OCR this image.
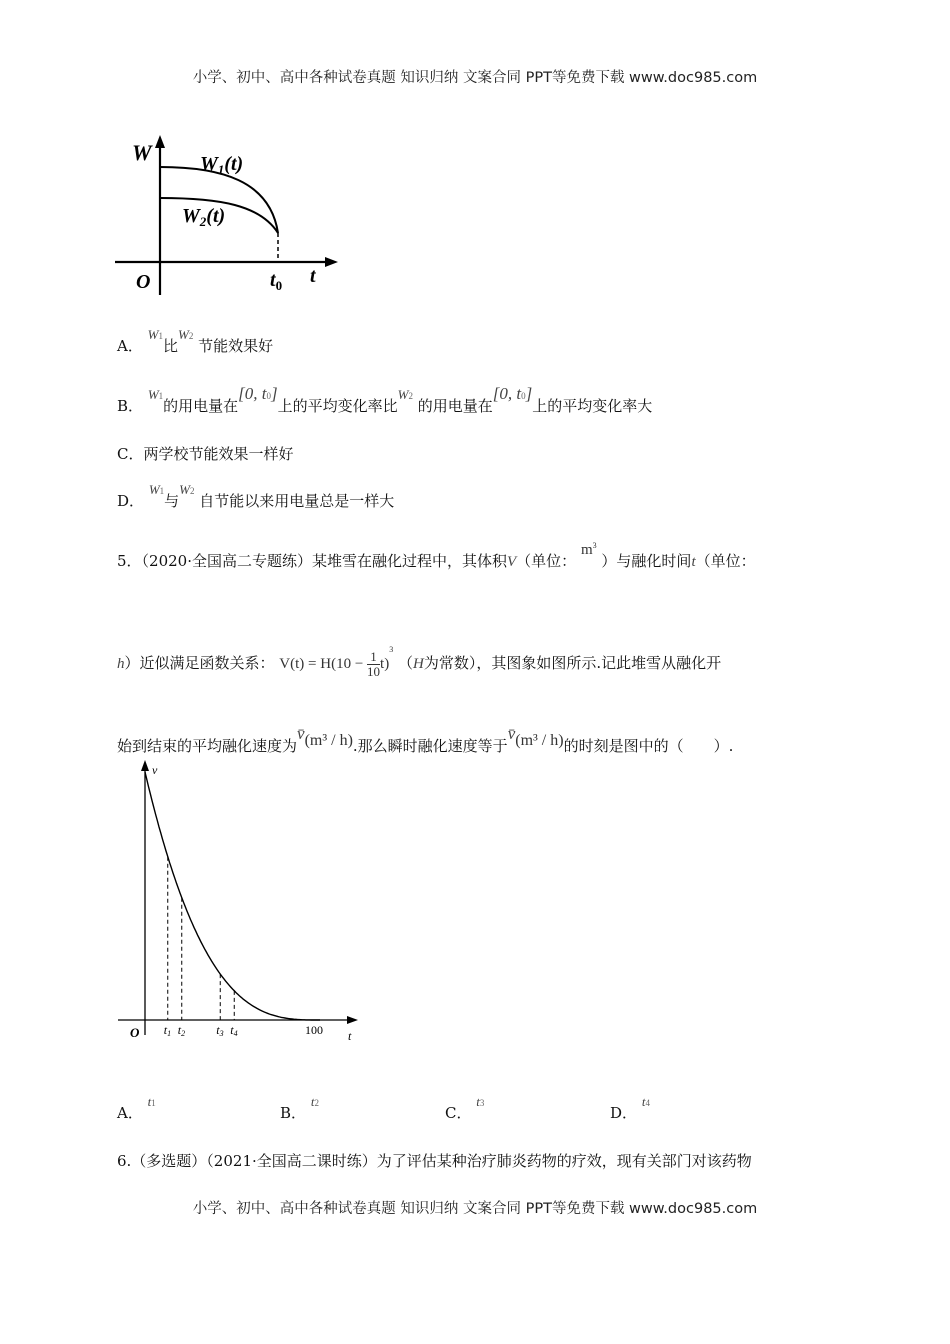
小学、初中、高中各种试卷真题 知识归纳 文案合同 PPT等免费下载 www.doc985.com
W $W_1(t)$
$W_2(t)$
O	$t_0$ t
A． W1比W2 节能效果好
B． W1的用电量在[0, t0]上的平均变化率比W2 的用电量在[0, t0]上的平均变化率大
C．两学校节能效果一样好
D． W1与W2 自节能以来用电量总是一样大
5．（2020·全国高二专题练）某堆雪在融化过程中，其体积V（单位： $m^3$ ）与融化时间t（单位：
h）近似满足函数关系： $V(t) = H(10 - \frac{1}{10} t)^3$ （H为常数），其图象如图所示.记此堆雪从融化开
始到结束的平均融化速度为v̄(m³ / h).那么瞬时融化速度等于v̄(m³ / h)的时刻是图中的（　　）.
t1 t2	t3 t4
v
O	100 t
A． t1
B． t2
C． t3
D． t4
6.（多选题）（2021·全国高二课时练）为了评估某种治疗肺炎药物的疗效，现有关部门对该药物
小学、初中、高中各种试卷真题 知识归纳 文案合同 PPT等免费下载 www.doc985.com
